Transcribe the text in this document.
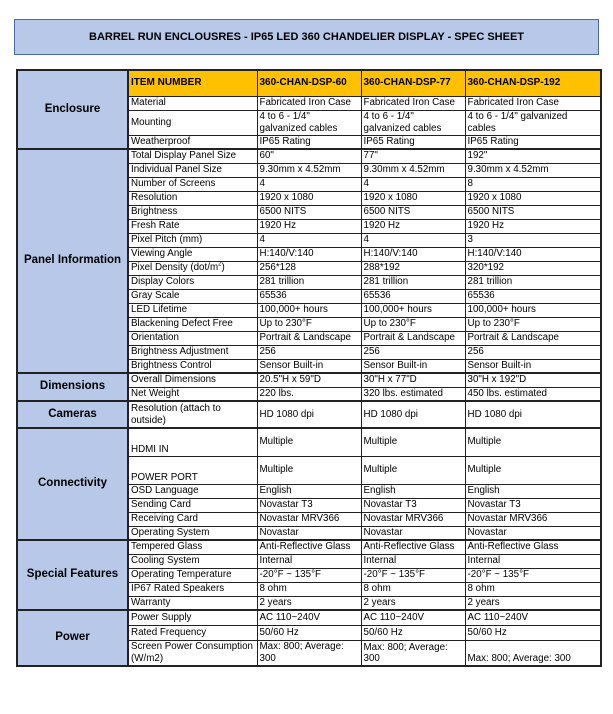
BARREL RUN ENCLOUSRES - IP65 LED 360 CHANDELIER DISPLAY - SPEC SHEET
Enclosure	ITEM NUMBER	360-CHAN-DSP-60	360-CHAN-DSP-77	360-CHAN-DSP-192
	Material	Fabricated Iron Case	Fabricated Iron Case	Fabricated Iron Case
	Mounting	4 to 6 - 1/4" galvanized cables	4 to 6 - 1/4" galvanized cables	4 to 6 - 1/4" galvanized cables
	Weatherproof	IP65 Rating	IP65 Rating	IP65 Rating
Panel Information	Total Display Panel Size	60"	77"	192"
	Individual Panel Size	9.30mm x 4.52mm	9.30mm x 4.52mm	9.30mm x 4.52mm
	Number of Screens	4	4	8
	Resolution	1920 x 1080	1920 x 1080	1920 x 1080
	Brightness	6500 NITS	6500 NITS	6500 NITS
	Fresh Rate	1920 Hz	1920 Hz	1920 Hz
	Pixel Pitch (mm)	4	4	3
	Viewing Angle	H:140/V:140	H:140/V:140	H:140/V:140
	Pixel Density $(dot/m^2)$	256*128	288*192	320*192
	Display Colors	281 trillion	281 trillion	281 trillion
	Gray Scale	65536	65536	65536
	LED Lifetime	100,000+ hours	100,000+ hours	100,000+ hours
	Blackening Defect Free	Up to 230°F	Up to 230°F	Up to 230°F
	Orientation	Portrait & Landscape	Portrait & Landscape	Portrait & Landscape
	Brightness Adjustment	256	256	256
	Brightness Control	Sensor Built-in	Sensor Built-in	Sensor Built-in
Dimensions	Overall Dimensions	20.5"H x 59"D	30"H x 77"D	30"H x 192"D
	Net Weight	220 lbs.	320 lbs. estimated	450 lbs. estimated
Cameras	Resolution (attach to outside)	HD 1080 dpi	HD 1080 dpi	HD 1080 dpi
Connectivity	HDMI IN	Multiple	Multiple	Multiple
	POWER PORT	Multiple	Multiple	Multiple
	OSD Language	English	English	English
	Sending Card	Novastar T3	Novastar T3	Novastar T3
	Receiving Card	Novastar MRV366	Novastar MRV366	Novastar MRV366
	Operating System	Novastar	Novastar	Novastar
Special Features	Tempered Glass	Anti-Reflective Glass	Anti-Reflective Glass	Anti-Reflective Glass
	Cooling System	Internal	Internal	Internal
	Operating Temperature	-20°F ~ 135°F	-20°F ~ 135°F	-20°F ~ 135°F
	IP67 Rated Speakers	8 ohm	8 ohm	8 ohm
	Warranty	2 years	2 years	2 years
Power	Power Supply	AC 110~240V	AC 110~240V	AC 110~240V
	Rated Frequency	50/60 Hz	50/60 Hz	50/60 Hz
	Screen Power Consumption (W/m2)	Max: 800; Average: 300	Max: 800; Average: 300	Max: 800; Average: 300
